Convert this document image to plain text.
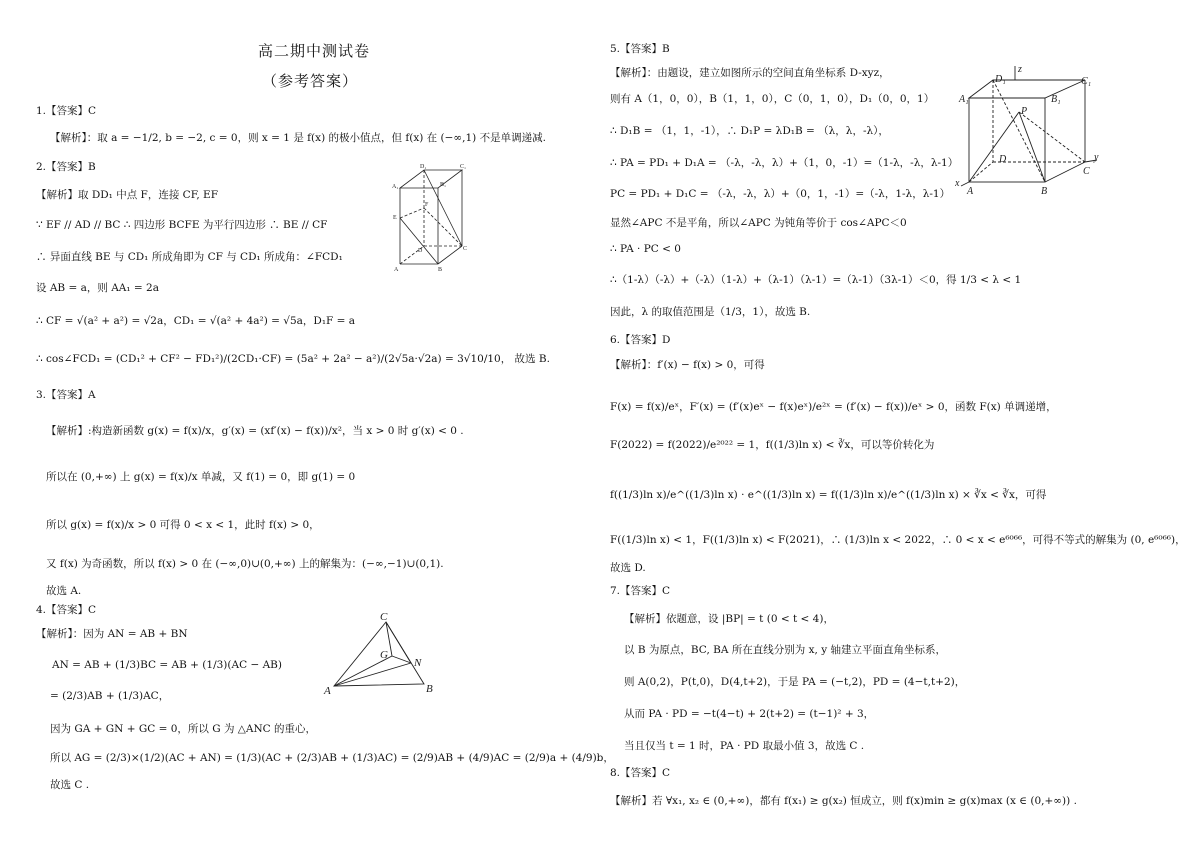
高二期中测试卷
（参考答案）
1.【答案】C
【解析】：取 a = −1/2, b = −2, c = 0，则 x = 1 是 f(x) 的极小值点，但 f(x) 在 (−∞,1) 不是单调递减.
2.【答案】B
【解析】取 DD₁ 中点 F，连接 CF, EF
∵ EF // AD // BC ∴ 四边形 BCFE 为平行四边形 ∴ BE // CF
∴ 异面直线 BE 与 CD₁ 所成角即为 CF 与 CD₁ 所成角：∠FCD₁
设 AB = a，则 AA₁ = 2a
∴ CF = √(a² + a²) = √2a，CD₁ = √(a² + 4a²) = √5a，D₁F = a
∴ cos∠FCD₁ = (CD₁² + CF² − FD₁²)/(2CD₁·CF) = (5a² + 2a² − a²)/(2√5a·√2a) = 3√10/10， 故选 B.
3.【答案】A
【解析】:构造新函数 g(x) = f(x)/x，g′(x) = (xf′(x) − f(x))/x²，当 x > 0 时 g′(x) < 0 .
所以在 (0,+∞) 上 g(x) = f(x)/x 单减，又 f(1) = 0，即 g(1) = 0
所以 g(x) = f(x)/x > 0 可得 0 < x < 1，此时 f(x) > 0，
又 f(x) 为奇函数，所以 f(x) > 0 在 (−∞,0)∪(0,+∞) 上的解集为：(−∞,−1)∪(0,1).
故选 A.
4.【答案】C
【解析】：因为 AN = AB + BN
AN = AB + (1/3)BC = AB + (1/3)(AC − AB)
= (2/3)AB + (1/3)AC，
因为 GA + GN + GC = 0，所以 G 为 △ANC 的重心，
所以 AG = (2/3)×(1/2)(AC + AN) = (1/3)(AC + (2/3)AB + (1/3)AC) = (2/9)AB + (4/9)AC = (2/9)a + (4/9)b，
故选 C .
D₁	C₁
A₁	B₁
E
F
D	C
A	B
C
G
N
A	B
5.【答案】B
【解析】：由题设，建立如图所示的空间直角坐标系 D-xyz，
则有 A（1，0，0），B（1，1，0），C（0，1，0），D₁（0，0，1）
∴ D₁B = （1，1，-1），∴ D₁P = λD₁B = （λ，λ，-λ），
∴ PA = PD₁ + D₁A = （-λ，-λ，λ）+（1，0，-1）=（1-λ，-λ，λ-1）
PC = PD₁ + D₁C = （-λ，-λ，λ）+（0，1，-1）=（-λ，1-λ，λ-1）
显然∠APC 不是平角，所以∠APC 为钝角等价于 cos∠APC＜0
∴ PA · PC < 0
∴（1-λ）（-λ）+（-λ）（1-λ）+（λ-1）（λ-1）=（λ-1）（3λ-1）＜0，得 1/3 < λ < 1
因此，λ 的取值范围是（1/3，1），故选 B.
6.【答案】D
【解析】：f′(x) − f(x) > 0，可得
F(x) = f(x)/eˣ，F′(x) = (f′(x)eˣ − f(x)eˣ)/e²ˣ = (f′(x) − f(x))/eˣ > 0，函数 F(x) 单调递增，
F(2022) = f(2022)/e²⁰²² = 1，f((1/3)ln x) < ∛x，可以等价转化为
f((1/3)ln x)/e^((1/3)ln x) · e^((1/3)ln x) = f((1/3)ln x)/e^((1/3)ln x) × ∛x < ∛x，可得
F((1/3)ln x) < 1，F((1/3)ln x) < F(2021)，∴ (1/3)ln x < 2022，∴ 0 < x < e⁶⁰⁶⁶，可得不等式的解集为 (0, e⁶⁰⁶⁶)，
故选 D.
7.【答案】C
【解析】依题意，设 |BP| = t (0 < t < 4)，
以 B 为原点，BC, BA 所在直线分别为 x, y 轴建立平面直角坐标系，
则 A(0,2)，P(t,0)，D(4,t+2)，于是 PA = (−t,2)，PD = (4−t,t+2)，
从而 PA · PD = −t(4−t) + 2(t+2) = (t−1)² + 3，
当且仅当 t = 1 时，PA · PD 取最小值 3，故选 C .
8.【答案】C
【解析】若 ∀x₁, x₂ ∈ (0,+∞)，都有 f(x₁) ≥ g(x₂) 恒成立，则 f(x)min ≥ g(x)max (x ∈ (0,+∞)) .
D₁
z
C₁
A₁	B₁
P
D	y
x
A	B
C
